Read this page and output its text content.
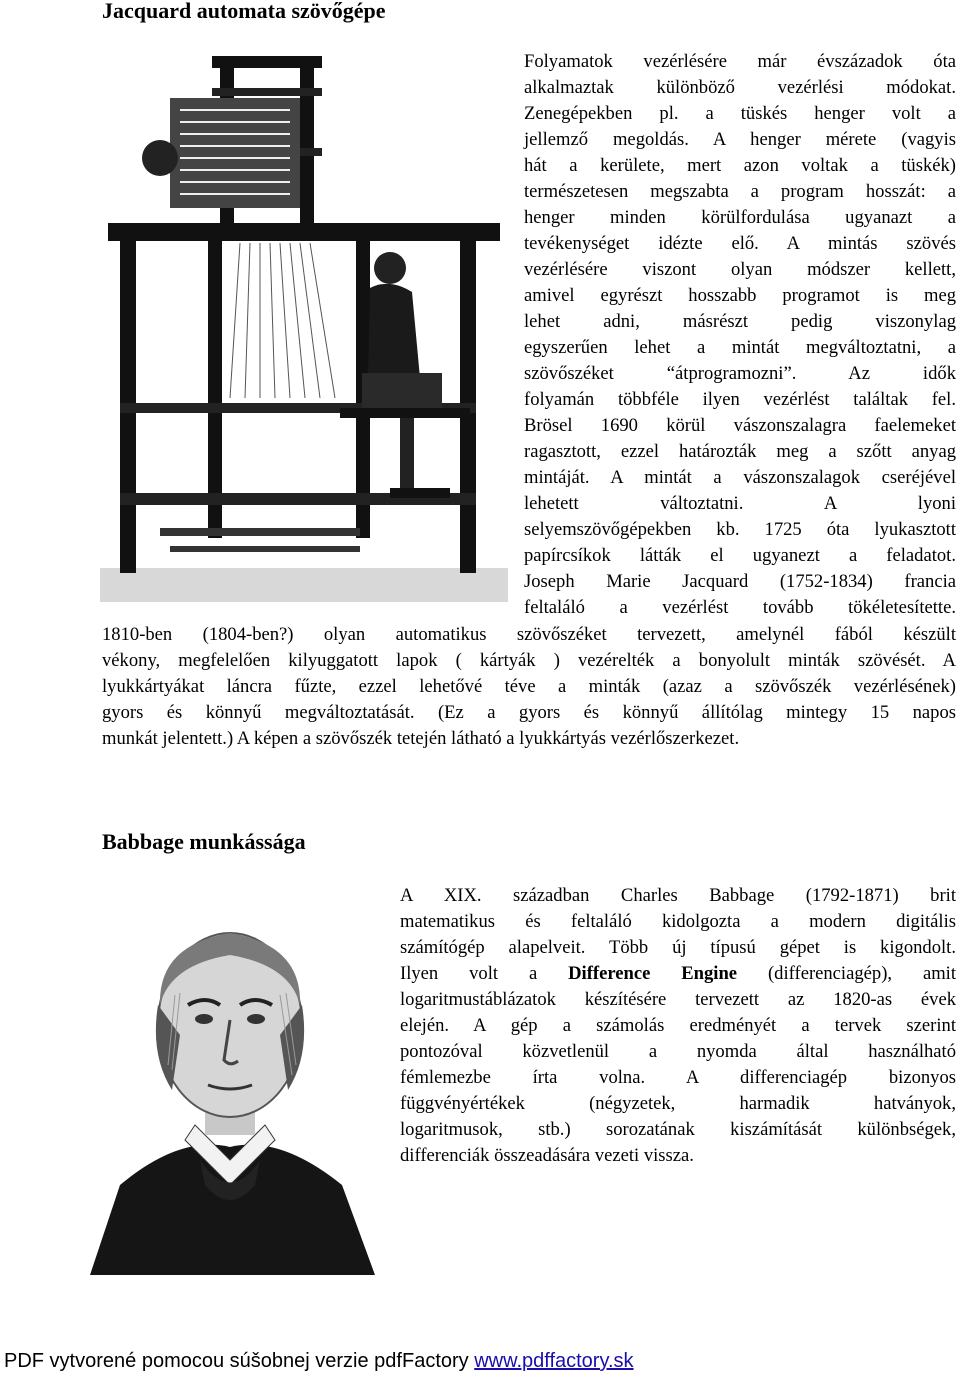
Jacquard automata szövőgépe
Folyamatok vezérlésére már évszázadok óta
alkalmaztak különböző vezérlési módokat.
Zenegépekben pl. a tüskés henger volt a
jellemző megoldás. A henger mérete (vagyis
hát a kerülete, mert azon voltak a tüskék)
természetesen megszabta a program hosszát: a
henger minden körülfordulása ugyanazt a
tevékenységet idézte elő. A mintás szövés
vezérlésére viszont olyan módszer kellett,
amivel egyrészt hosszabb programot is meg
lehet adni, másrészt pedig viszonylag
egyszerűen lehet a mintát megváltoztatni, a
szövőszéket “átprogramozni”. Az idők
folyamán többféle ilyen vezérlést találtak fel.
Brösel 1690 körül vászonszalagra faelemeket
ragasztott, ezzel határozták meg a szőtt anyag
mintáját. A mintát a vászonszalagok cseréjével
lehetett változtatni. A lyoni
selyemszövőgépekben kb. 1725 óta lyukasztott
papírcsíkok látták el ugyanezt a feladatot.
Joseph Marie Jacquard (1752-1834) francia
feltaláló a vezérlést tovább tökéletesítette.
1810-ben (1804-ben?) olyan automatikus szövőszéket tervezett, amelynél fából készült
vékony, megfelelően kilyuggatott lapok ( kártyák ) vezérelték a bonyolult minták szövését. A
lyukkártyákat láncra fűzte, ezzel lehetővé téve a minták (azaz a szövőszék vezérlésének)
gyors és könnyű megváltoztatását. (Ez a gyors és könnyű állítólag mintegy 15 napos
munkát jelentett.) A képen a szövőszék tetején látható a lyukkártyás vezérlőszerkezet.
Babbage munkássága
A XIX. században Charles Babbage (1792-1871) brit
matematikus és feltaláló kidolgozta a modern digitális
számítógép alapelveit. Több új típusú gépet is kigondolt.
Ilyen volt a Difference Engine (differenciagép), amit
logaritmustáblázatok készítésére tervezett az 1820-as évek
elején. A gép a számolás eredményét a tervek szerint
pontozóval közvetlenül a nyomda által használható
fémlemezbe írta volna. A differenciagép bizonyos
függvényértékek (négyzetek, harmadik hatványok,
logaritmusok, stb.) sorozatának kiszámítását különbségek,
differenciák összeadására vezeti vissza.
PDF vytvorené pomocou súšobnej verzie pdfFactory www.pdffactory.sk
